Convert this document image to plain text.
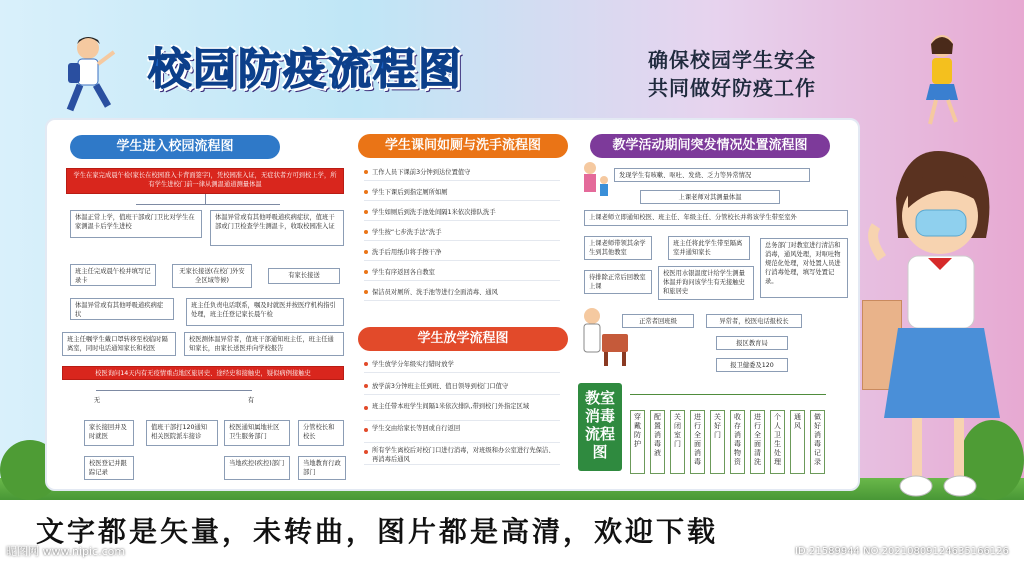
校园防疫流程图	确保校园学生安全
共同做好防疫工作
学生进入校园流程图
学生在家完成晨午检(家长在校园准入卡背面签字)，凭校园准入证，无症状者方可到校上学，所有学生进校门前一律从测温通道测量体温
体温正常上学，值班干部或门卫比对学生在家测温卡后学生进校
体温异常或有其他呼吸道疾病症状，值班干部或门卫检查学生测温卡，收取校园准入证
班主任完成晨午检并填写记录卡
无家长接送(在校门外安全区域等候)
有家长接送
体温异常或有其他呼吸道疾病症状
班主任负责电话联系，嘱及时就医并按医疗机构指引处理，班主任登记家长晨午检
班主任嘱学生戴口罩转移至校临时隔离室，同时电话通知家长和校医
校医测体温异常者，值班干部通知班主任，班主任通知家长，由家长送医并向学校报告
校医询问14天内有无疫情重点地区旅居史、途经史和接触史，疑似病例接触史
无	有
家长接回并及时就医
校医登记并跟踪记录
值班干部打120通知相关医院派车接诊
校医通知属地社区卫生服务部门
分管校长和校长
当地疾控(疾控)部门	当地教育行政部门
学生课间如厕与洗手流程图
工作人员下课前3分钟到达位置值守
学生下课后到指定厕所如厕
学生如厕后到洗手池处间隔1米依次排队洗手
学生按“七步洗手法”洗手
洗手后用纸巾将手擦干净
学生有序返回各自教室
保洁员对厕所、洗手池等进行全面消毒、通风
学生放学流程图
学生放学分年级实行错时放学
放学前3分钟班主任到班、值日领导到校门口值守
班主任带本班学生间隔1米依次排队,带到校门外指定区域
学生交由给家长等回或自行返回
所有学生离校后对校门口进行消毒，对班级和办公室进行先保洁、再消毒后通风
教学活动期间突发情况处置流程图
发现学生有咳嗽、呕吐、发烧、乏力等异常情况
上课老师对其测量体温
上课老师立即通知校医、班主任、年级主任、分管校长并将该学生带至室外
上课老师带领其余学生到其他教室
班主任将此学生带至隔离室并通知家长
总务部门对教室进行清洁和消毒，通风处理，对呕吐物规范化处理，对处置人员进行消毒处理，填写处置记录。
待排除正常后回教室上课
校医用水银温度计给学生测量体温并询问该学生有无接触史和旅居史
正常者回班级	异常者，校医电话报校长
报区教育局
报卫健委及120
教室消毒流程图
穿戴防护
配置消毒液
关闭室门
进行全面消毒
关好门
收存消毒物资
进行全面清洗
个人卫生处理
通风
做好消毒记录
文字都是矢量，未转曲，图片都是高清，欢迎下载
昵图网 www.nipic.com	ID:21589944 NO:20210809124635166126
